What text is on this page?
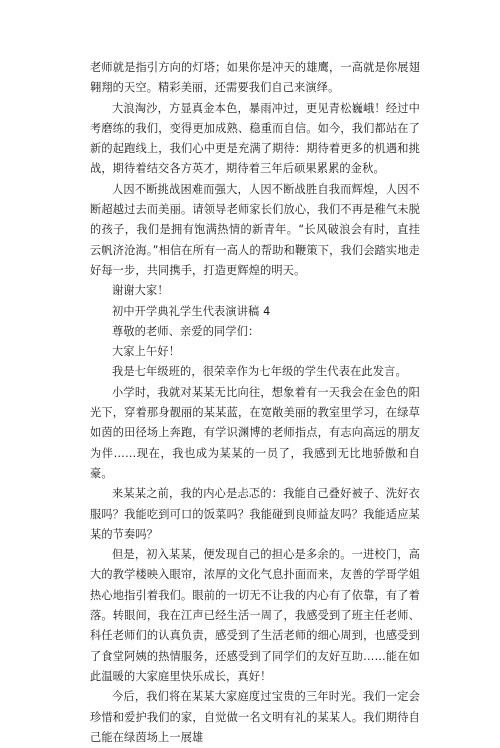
老师就是指引方向的灯塔；如果你是冲天的雄鹰，一高就是你展翅翱翔的天空。精彩美丽，还需要我们自己来演绎。

大浪淘沙，方显真金本色，暴雨冲过，更见青松巍峨！经过中考磨练的我们，变得更加成熟、稳重而自信。如今，我们都站在了新的起跑线上，我们心中更是充满了期待：期待着更多的机遇和挑战，期待着结交各方英才，期待着三年后硕果累累的金秋。

人因不断挑战困难而强大，人因不断战胜自我而辉煌，人因不断超越过去而美丽。请领导老师家长们放心，我们不再是稚气未脱的孩子，我们是拥有饱满热情的新青年。“长风破浪会有时，直挂云帆济沧海。”相信在所有一高人的帮助和鞭策下，我们会踏实地走好每一步，共同携手，打造更辉煌的明天。

谢谢大家！

初中开学典礼学生代表演讲稿 4

尊敬的老师、亲爱的同学们：

大家上午好！

我是七年级班的，很荣幸作为七年级的学生代表在此发言。

小学时，我就对某某无比向往，想象着有一天我会在金色的阳光下，穿着那身靓丽的某某蓝，在宽敞美丽的教室里学习，在绿草如茵的田径场上奔跑，有学识渊博的老师指点，有志向高远的朋友为伴……现在，我也成为某某的一员了，我感到无比地骄傲和自豪。

来某某之前，我的内心是忐忑的：我能自己叠好被子、洗好衣服吗？我能吃到可口的饭菜吗？我能碰到良师益友吗？我能适应某某的节奏吗？

但是，初入某某，便发现自己的担心是多余的。一进校门，高大的教学楼映入眼帘，浓厚的文化气息扑面而来，友善的学哥学姐热心地指引着我们。眼前的一切无不让我的内心有了依靠，有了着落。转眼间，我在江声已经生活一周了，我感受到了班主任老师、科任老师们的认真负责，感受到了生活老师的细心周到，也感受到了食堂阿姨的热情服务，还感受到了同学们的友好互助……能在如此温暖的大家庭里快乐成长，真好！

今后，我们将在某某大家庭度过宝贵的三年时光。我们一定会珍惜和爱护我们的家，自觉做一名文明有礼的某某人。我们期待自己能在绿茵场上一展雄
